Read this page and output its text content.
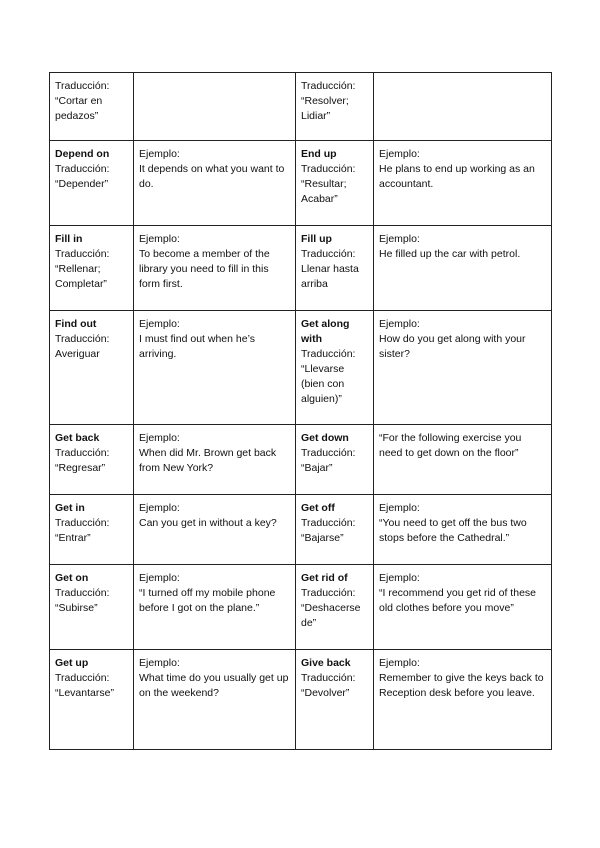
Traducción:
“Cortar en pedazos”		Traducción:
“Resolver; Lidiar”	

Depend on
Traducción:
“Depender”	Ejemplo:
It depends on what you want to do.	End up
Traducción:
“Resultar; Acabar”	Ejemplo:
He plans to end up working as an accountant.

Fill in
Traducción:
“Rellenar; Completar”	Ejemplo:
To become a member of the library you need to fill in this form first.	Fill up
Traducción:
Llenar hasta arriba	Ejemplo:
He filled up the car with petrol.

Find out
Traducción:
Averiguar	Ejemplo:
I must find out when he’s arriving.	Get along with
Traducción:
“Llevarse (bien con alguien)”	Ejemplo:
How do you get along with your sister?

Get back
Traducción:
“Regresar”	Ejemplo:
When did Mr. Brown get back from New York?	Get down
Traducción:
“Bajar”	“For the following exercise you need to get down on the floor”

Get in
Traducción:
“Entrar”	Ejemplo:
Can you get in without a key?	Get off
Traducción:
“Bajarse”	Ejemplo:
“You need to get off the bus two stops before the Cathedral.”

Get on
Traducción:
“Subirse”	Ejemplo:
“I turned off my mobile phone before I got on the plane.”	Get rid of
Traducción:
“Deshacerse de”	Ejemplo:
“I recommend you get rid of these old clothes before you move”

Get up
Traducción:
“Levantarse”	Ejemplo:
What time do you usually get up on the weekend?	Give back
Traducción:
“Devolver”	Ejemplo:
Remember to give the keys back to Reception desk before you leave.
